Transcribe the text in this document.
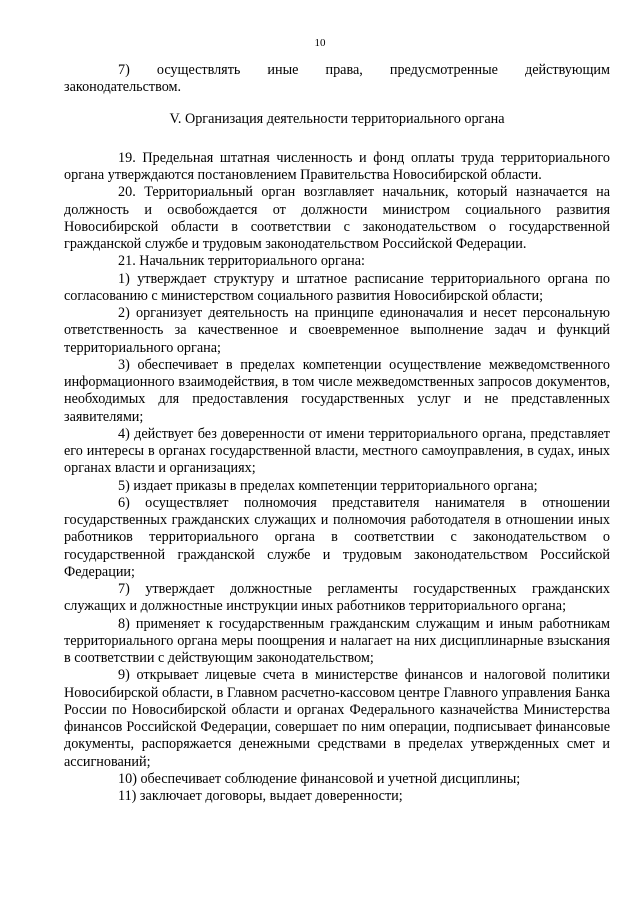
10

7) осуществлять иные права, предусмотренные действующим законодательством.

V. Организация деятельности территориального органа

19. Предельная штатная численность и фонд оплаты труда территориального органа утверждаются постановлением Правительства Новосибирской области.

20. Территориальный орган возглавляет начальник, который назначается на должность и освобождается от должности министром социального развития Новосибирской области в соответствии с законодательством о государственной гражданской службе и трудовым законодательством Российской Федерации.

21. Начальник территориального органа:

1) утверждает структуру и штатное расписание территориального органа по согласованию с министерством социального развития Новосибирской области;

2) организует деятельность на принципе единоначалия и несет персональную ответственность за качественное и своевременное выполнение задач и функций территориального органа;

3) обеспечивает в пределах компетенции осуществление межведомственного информационного взаимодействия, в том числе межведомственных запросов документов, необходимых для предоставления государственных услуг и не представленных заявителями;

4) действует без доверенности от имени территориального органа, представляет его интересы в органах государственной власти, местного самоуправления, в судах, иных органах власти и организациях;

5) издает приказы в пределах компетенции территориального органа;

6) осуществляет полномочия представителя нанимателя в отношении государственных гражданских служащих и полномочия работодателя в отношении иных работников территориального органа в соответствии с законодательством о государственной гражданской службе и трудовым законодательством Российской Федерации;

7) утверждает должностные регламенты государственных гражданских служащих и должностные инструкции иных работников территориального органа;

8) применяет к государственным гражданским служащим и иным работникам территориального органа меры поощрения и налагает на них дисциплинарные взыскания в соответствии с действующим законодательством;

9) открывает лицевые счета в министерстве финансов и налоговой политики Новосибирской области, в Главном расчетно-кассовом центре Главного управления Банка России по Новосибирской области и органах Федерального казначейства Министерства финансов Российской Федерации, совершает по ним операции, подписывает финансовые документы, распоряжается денежными средствами в пределах утвержденных смет и ассигнований;

10) обеспечивает соблюдение финансовой и учетной дисциплины;

11) заключает договоры, выдает доверенности;
